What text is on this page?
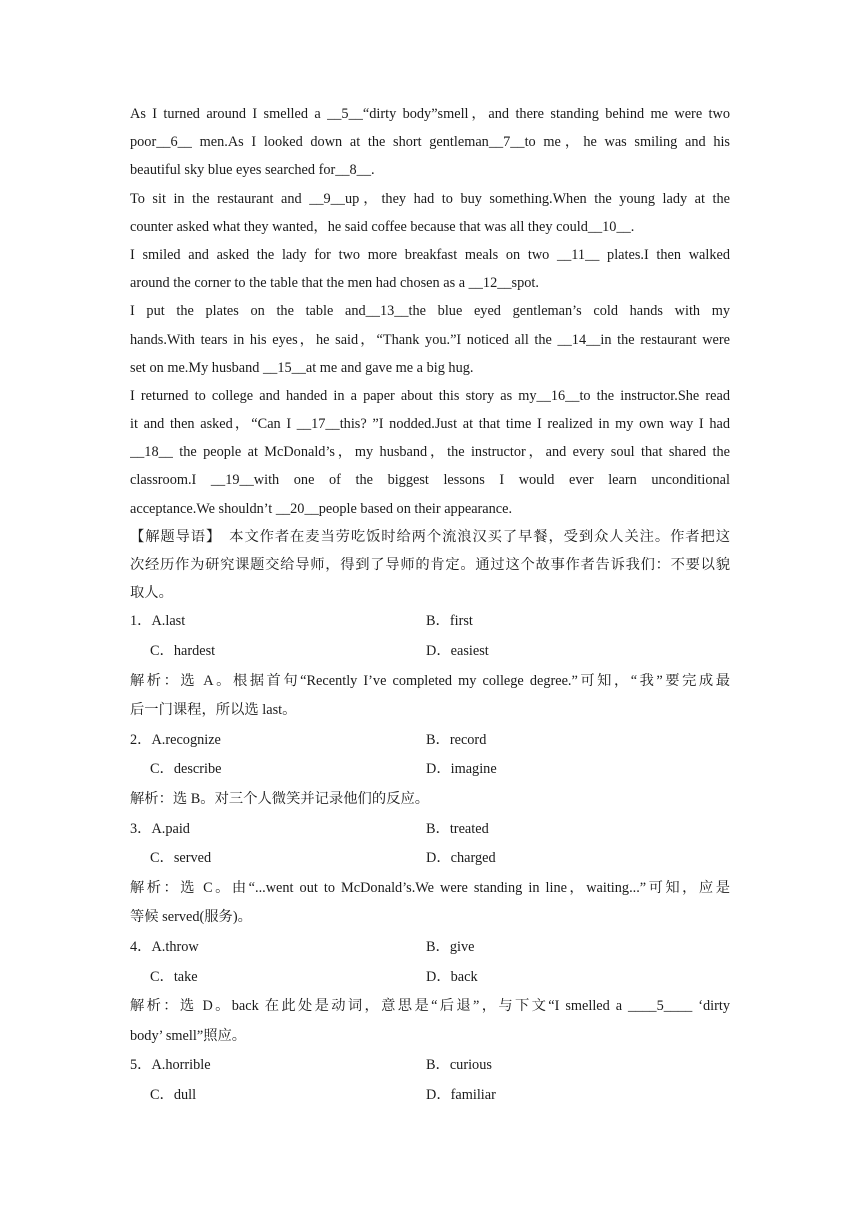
As I turned around I smelled a __5__“dirty body”smell，and there standing behind me were two
poor__6__ men.As I looked down at the short gentleman__7__to me，he was smiling and his
beautiful sky blue eyes searched for__8__.
To sit in the restaurant and __9__up，they had to buy something.When the young lady at the
counter asked what they wanted，he said coffee because that was all they could__10__.
I smiled and asked the lady for two more breakfast meals on two __11__ plates.I then walked
around the corner to the table that the men had chosen as a __12__spot.
I put the plates on the table and__13__the blue eyed gentleman’s cold hands with my
hands.With tears in his eyes，he said，“Thank you.”I noticed all the __14__in the restaurant were
set on me.My husband __15__at me and gave me a big hug.
I returned to college and handed in a paper about this story as my__16__to the instructor.She read
it and then asked，“Can I __17__this? ”I nodded.Just at that time I realized in my own way I had
__18__ the people at McDonald’s，my husband，the instructor，and every soul that shared the
classroom.I __19__with one of the biggest lessons I would ever learn unconditional
acceptance.We shouldn’t __20__people based on their appearance.
【解题导语】　本文作者在麦当劳吃饭时给两个流浪汉买了早餐，受到众人关注。作者把这
次经历作为研究课题交给导师，得到了导师的肯定。通过这个故事作者告诉我们：不要以貌
取人。
1．A.last	B．first
C．hardest	D．easiest
解析：选 A。根据首句“Recently I’ve completed my college degree.”可知，“我”要完成最
后一门课程，所以选 last。
2．A.recognize	B．record
C．describe	D．imagine
解析：选 B。对三个人微笑并记录他们的反应。
3．A.paid	B．treated
C．served	D．charged
解析：选 C。由“...went out to McDonald’s.We were standing in line，waiting...”可知，应是
等候 served(服务)。
4．A.throw	B．give
C．take	D．back
解析：选 D。back 在此处是动词，意思是“后退”，与下文“I smelled a ____5____ ‘dirty
body’ smell”照应。
5．A.horrible	B．curious
C．dull	D．familiar
